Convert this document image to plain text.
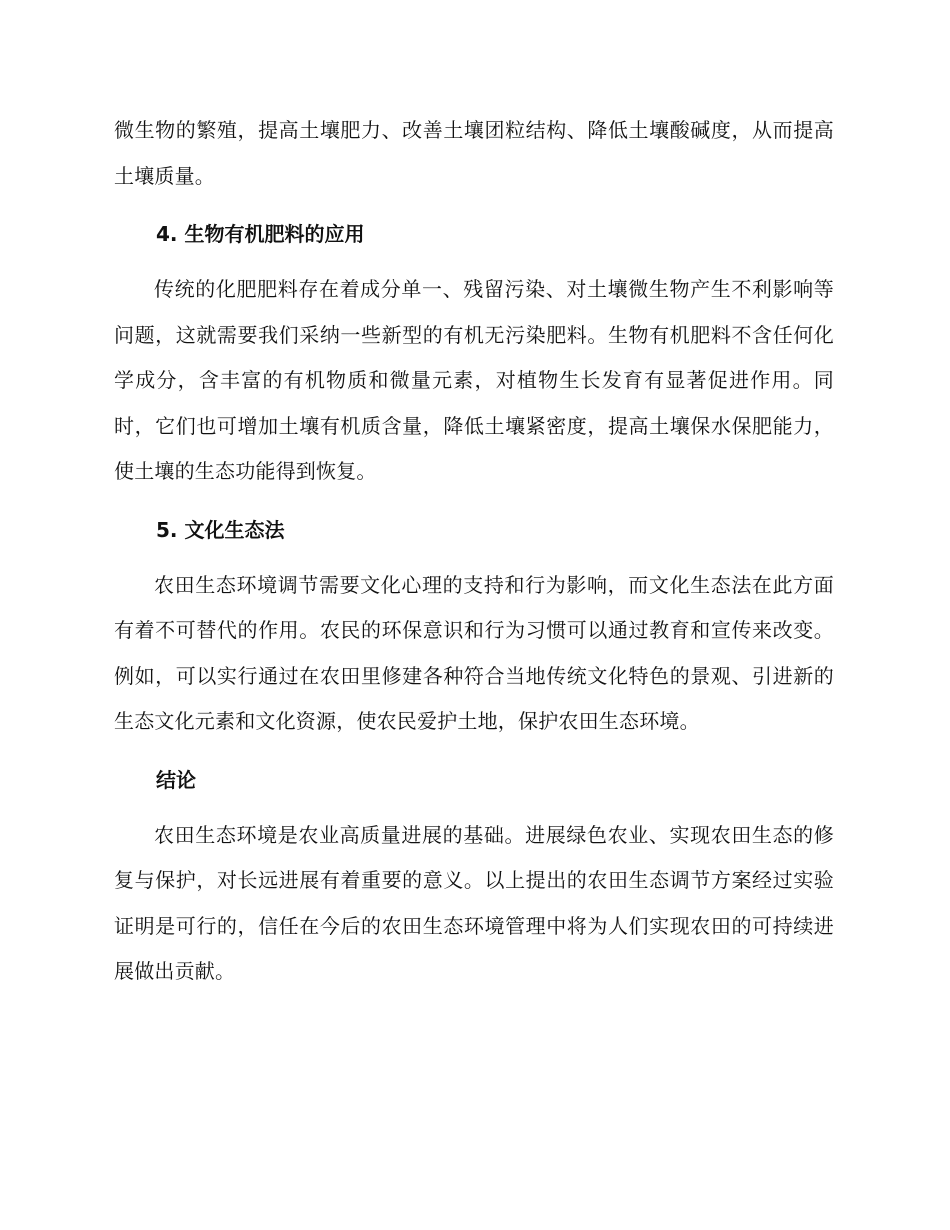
微生物的繁殖，提高土壤肥力、改善土壤团粒结构、降低土壤酸碱度，从而提高土壤质量。

4. 生物有机肥料的应用

传统的化肥肥料存在着成分单一、残留污染、对土壤微生物产生不利影响等问题，这就需要我们采纳一些新型的有机无污染肥料。生物有机肥料不含任何化学成分，含丰富的有机物质和微量元素，对植物生长发育有显著促进作用。同时，它们也可增加土壤有机质含量，降低土壤紧密度，提高土壤保水保肥能力，使土壤的生态功能得到恢复。

5. 文化生态法

农田生态环境调节需要文化心理的支持和行为影响，而文化生态法在此方面有着不可替代的作用。农民的环保意识和行为习惯可以通过教育和宣传来改变。例如，可以实行通过在农田里修建各种符合当地传统文化特色的景观、引进新的生态文化元素和文化资源，使农民爱护土地，保护农田生态环境。

结论

农田生态环境是农业高质量进展的基础。进展绿色农业、实现农田生态的修复与保护，对长远进展有着重要的意义。以上提出的农田生态调节方案经过实验证明是可行的，信任在今后的农田生态环境管理中将为人们实现农田的可持续进展做出贡献。
